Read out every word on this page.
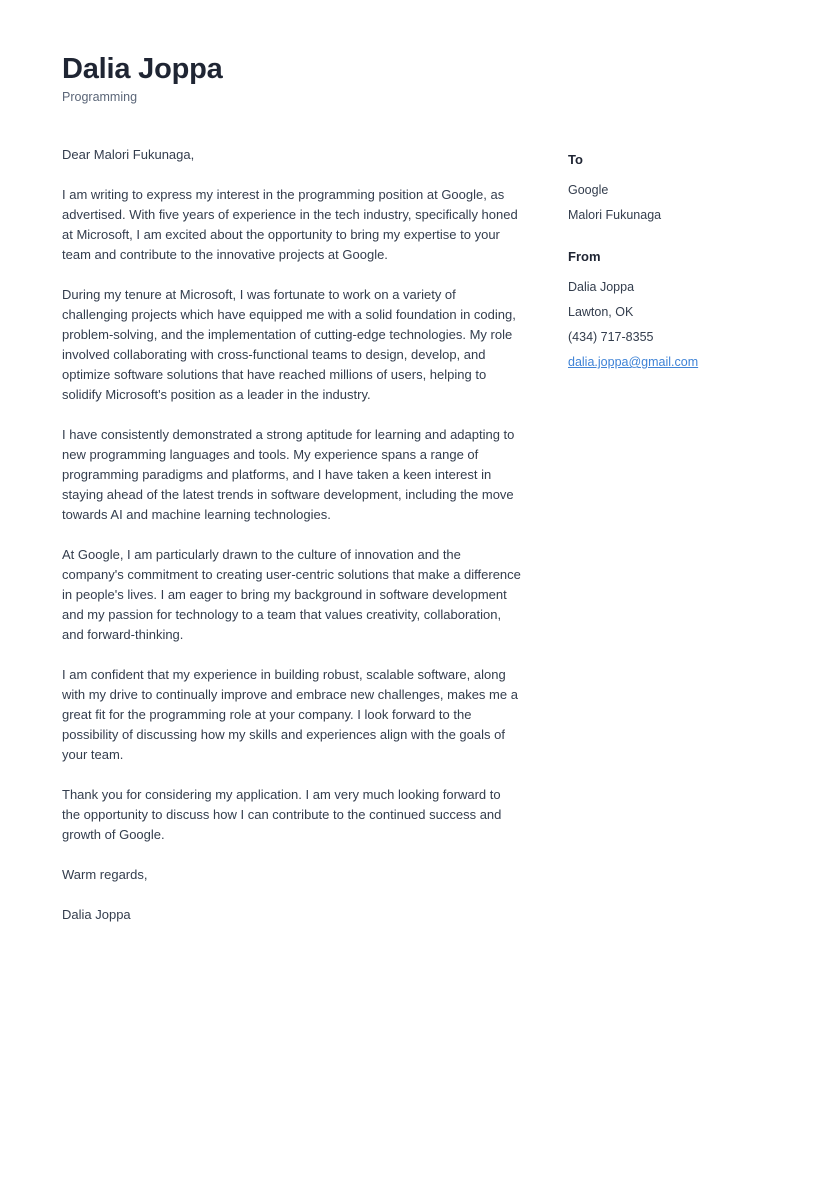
Dalia Joppa

Programming

Dear Malori Fukunaga,

I am writing to express my interest in the programming position at Google, as advertised. With five years of experience in the tech industry, specifically honed at Microsoft, I am excited about the opportunity to bring my expertise to your team and contribute to the innovative projects at Google.

During my tenure at Microsoft, I was fortunate to work on a variety of challenging projects which have equipped me with a solid foundation in coding, problem-solving, and the implementation of cutting-edge technologies. My role involved collaborating with cross-functional teams to design, develop, and optimize software solutions that have reached millions of users, helping to solidify Microsoft's position as a leader in the industry.

I have consistently demonstrated a strong aptitude for learning and adapting to new programming languages and tools. My experience spans a range of programming paradigms and platforms, and I have taken a keen interest in staying ahead of the latest trends in software development, including the move towards AI and machine learning technologies.

At Google, I am particularly drawn to the culture of innovation and the company's commitment to creating user-centric solutions that make a difference in people's lives. I am eager to bring my background in software development and my passion for technology to a team that values creativity, collaboration, and forward-thinking.

I am confident that my experience in building robust, scalable software, along with my drive to continually improve and embrace new challenges, makes me a great fit for the programming role at your company. I look forward to the possibility of discussing how my skills and experiences align with the goals of your team.

Thank you for considering my application. I am very much looking forward to the opportunity to discuss how I can contribute to the continued success and growth of Google.

Warm regards,

Dalia Joppa

To

Google
Malori Fukunaga

From

Dalia Joppa
Lawton, OK
(434) 717-8355
dalia.joppa@gmail.com
